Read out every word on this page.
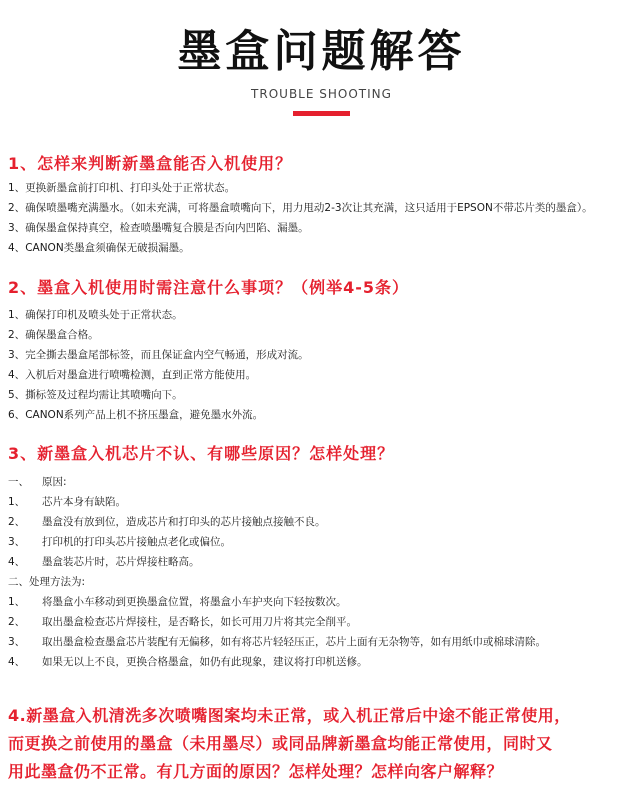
墨盒问题解答
TROUBLE SHOOTING
1、怎样来判断新墨盒能否入机使用？
1、更换新墨盒前打印机、打印头处于正常状态。
2、确保喷墨嘴充满墨水。（如未充满，可将墨盒喷嘴向下，用力甩动2-3次让其充满，这只适用于EPSON不带芯片类的墨盒）。
3、确保墨盒保持真空，检查喷墨嘴复合膜是否向内凹陷、漏墨。
4、CANON类墨盒须确保无破损漏墨。
2、墨盒入机使用时需注意什么事项？（例举4-5条）
1、确保打印机及喷头处于正常状态。
2、确保墨盒合格。
3、完全撕去墨盒尾部标签，而且保证盒内空气畅通，形成对流。
4、入机后对墨盒进行喷嘴检测，直到正常方能使用。
5、撕标签及过程均需让其喷嘴向下。
6、CANON系列产品上机不挤压墨盒，避免墨水外流。
3、新墨盒入机芯片不认、有哪些原因？怎样处理？
一、 原因:
1、 芯片本身有缺陷。
2、 墨盒没有放到位，造成芯片和打印头的芯片接触点接触不良。
3、 打印机的打印头芯片接触点老化或偏位。
4、 墨盒装芯片时，芯片焊接柱略高。
二、处理方法为:
1、 将墨盒小车移动到更换墨盒位置，将墨盒小车护夹向下轻按数次。
2、 取出墨盒检查芯片焊接柱，是否略长，如长可用刀片将其完全削平。
3、 取出墨盒检查墨盒芯片装配有无偏移，如有将芯片轻轻压正，芯片上面有无杂物等，如有用纸巾或棉球清除。
4、 如果无以上不良，更换合格墨盒，如仍有此现象，建议将打印机送修。
4.新墨盒入机清洗多次喷嘴图案均未正常，或入机正常后中途不能正常使用，
而更换之前使用的墨盒（未用墨尽）或同品牌新墨盒均能正常使用，同时又
用此墨盒仍不正常。有几方面的原因？怎样处理？怎样向客户解释？
